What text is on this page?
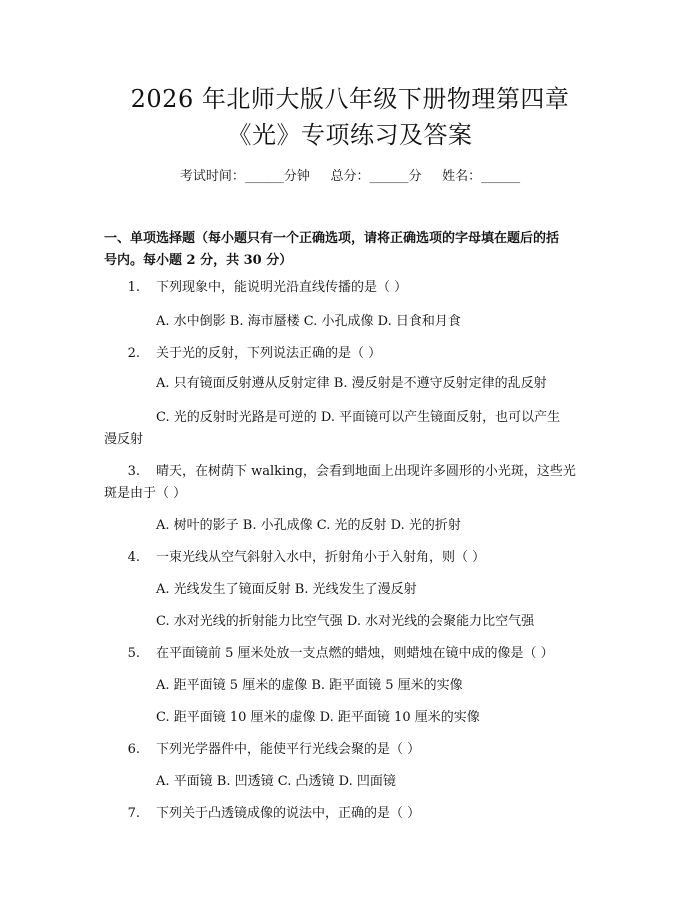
2026 年北师大版八年级下册物理第四章
《光》专项练习及答案
考试时间：______分钟     总分：______分     姓名：______
一、单项选择题（每小题只有一个正确选项，请将正确选项的字母填在题后的括
号内。每小题 2 分，共 30 分）
1. 下列现象中，能说明光沿直线传播的是（ ）
A. 水中倒影 B. 海市蜃楼 C. 小孔成像 D. 日食和月食
2. 关于光的反射，下列说法正确的是（ ）
A. 只有镜面反射遵从反射定律 B. 漫反射是不遵守反射定律的乱反射
C. 光的反射时光路是可逆的 D. 平面镜可以产生镜面反射，也可以产生
漫反射
3. 晴天，在树荫下 walking，会看到地面上出现许多圆形的小光斑，这些光
斑是由于（ ）
A. 树叶的影子 B. 小孔成像 C. 光的反射 D. 光的折射
4. 一束光线从空气斜射入水中，折射角小于入射角，则（ ）
A. 光线发生了镜面反射 B. 光线发生了漫反射
C. 水对光线的折射能力比空气强 D. 水对光线的会聚能力比空气强
5. 在平面镜前 5 厘米处放一支点燃的蜡烛，则蜡烛在镜中成的像是（ ）
A. 距平面镜 5 厘米的虚像 B. 距平面镜 5 厘米的实像
C. 距平面镜 10 厘米的虚像 D. 距平面镜 10 厘米的实像
6. 下列光学器件中，能使平行光线会聚的是（ ）
A. 平面镜 B. 凹透镜 C. 凸透镜 D. 凹面镜
7. 下列关于凸透镜成像的说法中，正确的是（ ）
